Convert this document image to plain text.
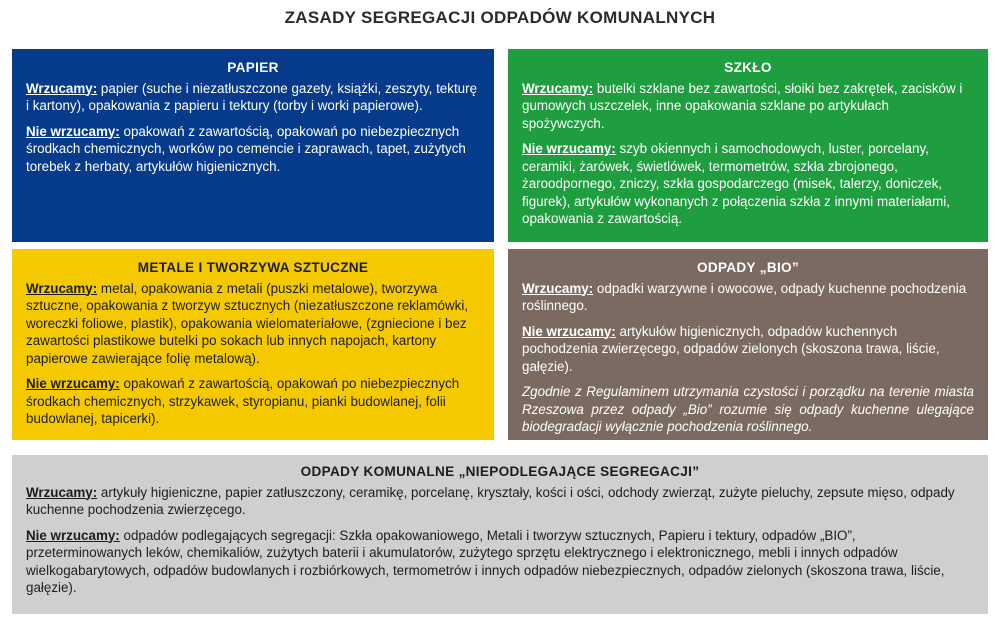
ZASADY SEGREGACJI ODPADÓW KOMUNALNYCH
PAPIER

Wrzucamy: papier (suche i niezatłuszczone gazety, książki, zeszyty, tekturę i kartony), opakowania z papieru i tektury (torby i worki papierowe).

Nie wrzucamy: opakowań z zawartością, opakowań po niebezpiecznych środkach chemicznych, worków po cemencie i zaprawach, tapet, zużytych torebek z herbaty, artykułów higienicznych.

SZKŁO

Wrzucamy: butelki szklane bez zawartości, słoiki bez zakrętek, zacisków i gumowych uszczelek, inne opakowania szklane po artykułach spożywczych.

Nie wrzucamy: szyb okiennych i samochodowych, luster, porcelany, ceramiki, żarówek, świetlówek, termometrów, szkła zbrojonego, żaroodpornego, zniczy, szkła gospodarczego (misek, talerzy, doniczek, figurek), artykułów wykonanych z połączenia szkła z innymi materiałami, opakowania z zawartością.

METALE I TWORZYWA SZTUCZNE

Wrzucamy: metal, opakowania z metali (puszki metalowe), tworzywa sztuczne, opakowania z tworzyw sztucznych (niezatłuszczone reklamówki, woreczki foliowe, plastik), opakowania wielomateriałowe, (zgniecione i bez zawartości plastikowe butelki po sokach lub innych napojach, kartony papierowe zawierające folię metalową).

Nie wrzucamy: opakowań z zawartością, opakowań po niebezpiecznych środkach chemicznych, strzykawek, styropianu, pianki budowlanej, folii budowlanej, tapicerki).

ODPADY „BIO”

Wrzucamy: odpadki warzywne i owocowe, odpady kuchenne pochodzenia roślinnego.

Nie wrzucamy: artykułów higienicznych, odpadów kuchennych pochodzenia zwierzęcego, odpadów zielonych (skoszona trawa, liście, gałęzie).

Zgodnie z Regulaminem utrzymania czystości i porządku na terenie miasta Rzeszowa przez odpady „Bio” rozumie się odpady kuchenne ulegające biodegradacji wyłącznie pochodzenia roślinnego.

ODPADY KOMUNALNE „NIEPODLEGAJĄCE SEGREGACJI”

Wrzucamy: artykuły higieniczne, papier zatłuszczony, ceramikę, porcelanę, kryształy, kości i ości, odchody zwierząt, zużyte pieluchy, zepsute mięso, odpady kuchenne pochodzenia zwierzęcego.

Nie wrzucamy: odpadów podlegających segregacji: Szkła opakowaniowego, Metali i tworzyw sztucznych, Papieru i tektury, odpadów „BIO”, przeterminowanych leków, chemikaliów, zużytych baterii i akumulatorów, zużytego sprzętu elektrycznego i elektronicznego, mebli i innych odpadów wielkogabarytowych, odpadów budowlanych i rozbiórkowych, termometrów i innych odpadów niebezpiecznych, odpadów zielonych (skoszona trawa, liście, gałęzie).
